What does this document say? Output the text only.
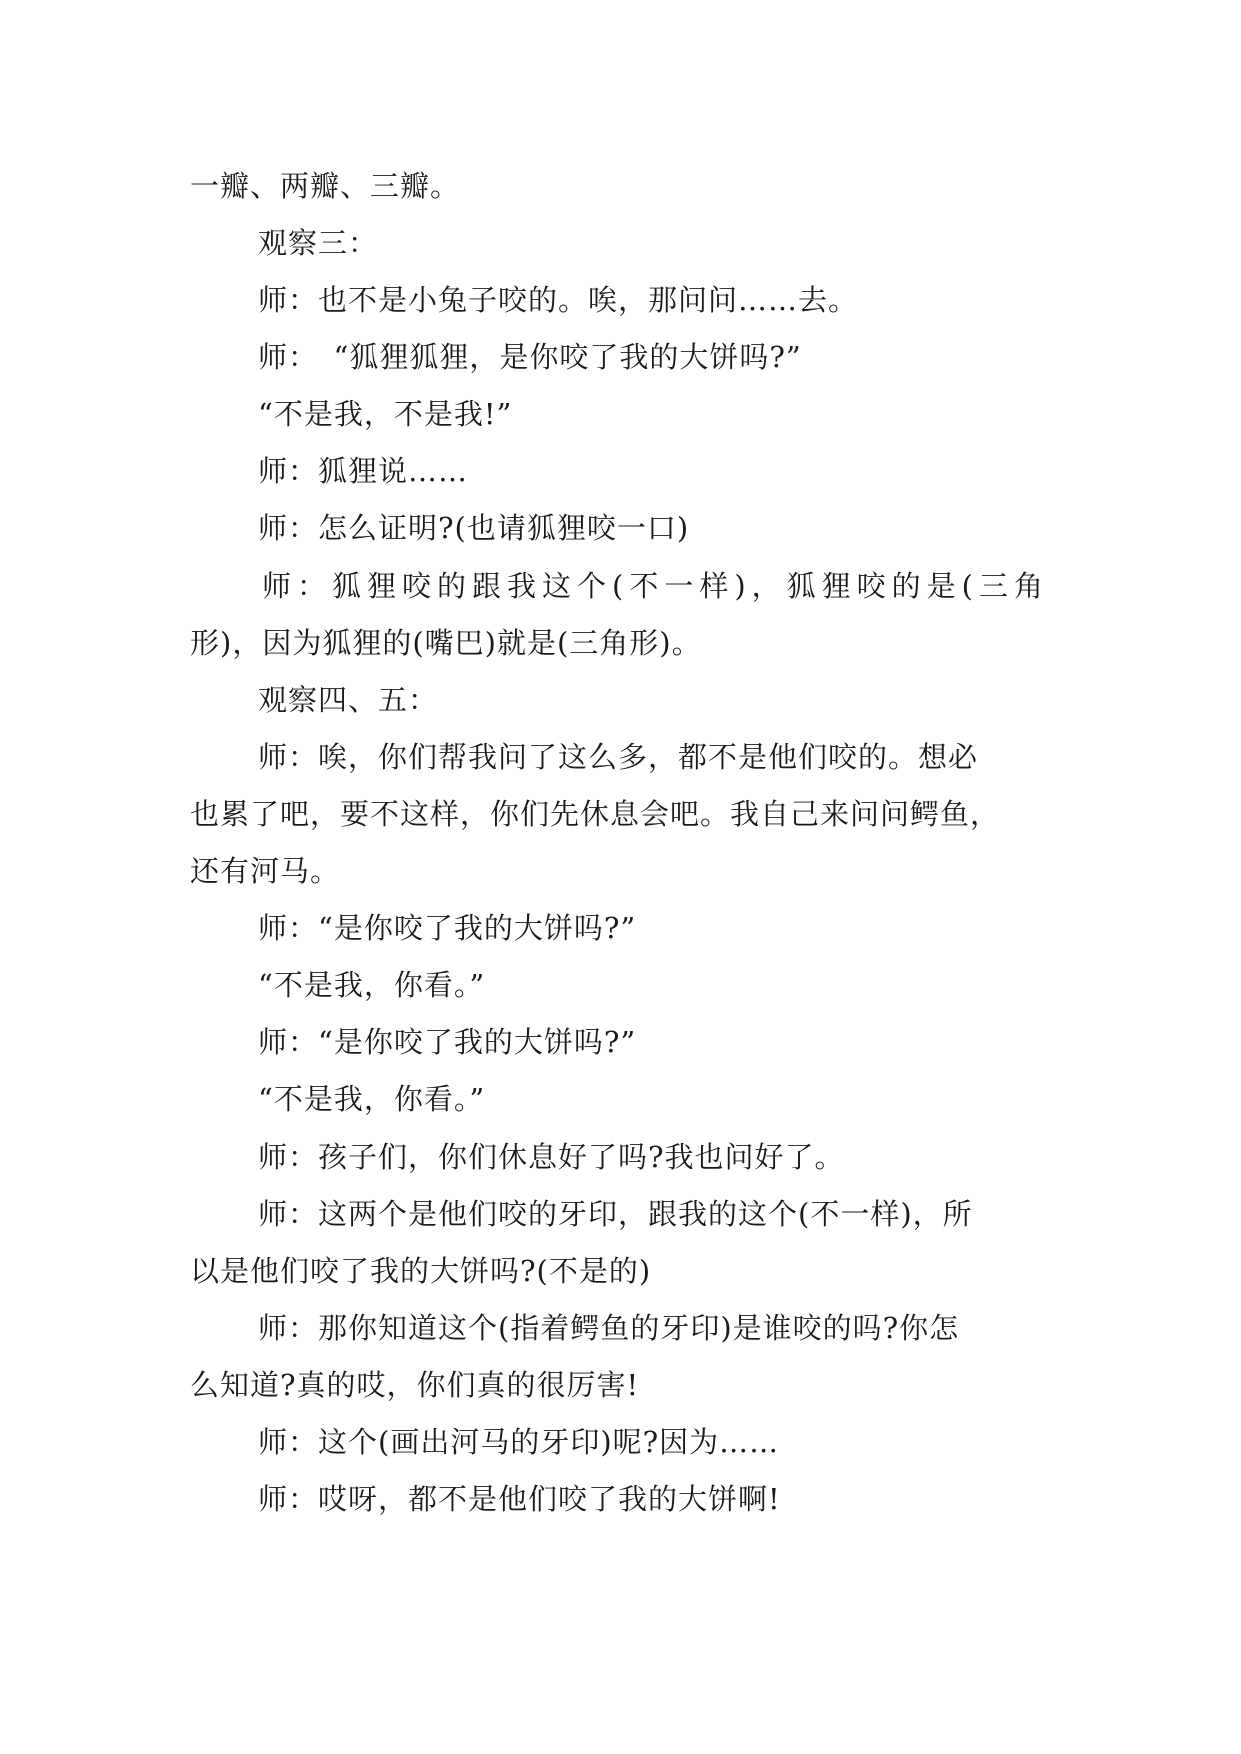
一瓣、两瓣、三瓣。
观察三：
师：也不是小兔子咬的。唉，那问问……去。
师：　“狐狸狐狸，是你咬了我的大饼吗?”
“不是我，不是我!”
师：狐狸说……
师：怎么证明?(也请狐狸咬一口)
师：狐狸咬的跟我这个(不一样)，狐狸咬的是(三角
形)，因为狐狸的(嘴巴)就是(三角形)。
观察四、五：
师：唉，你们帮我问了这么多，都不是他们咬的。想必
也累了吧，要不这样，你们先休息会吧。我自己来问问鳄鱼，
还有河马。
师：“是你咬了我的大饼吗?”
“不是我，你看。”
师：“是你咬了我的大饼吗?”
“不是我，你看。”
师：孩子们，你们休息好了吗?我也问好了。
师：这两个是他们咬的牙印，跟我的这个(不一样)，所
以是他们咬了我的大饼吗?(不是的)
师：那你知道这个(指着鳄鱼的牙印)是谁咬的吗?你怎
么知道?真的哎，你们真的很厉害!
师：这个(画出河马的牙印)呢?因为……
师：哎呀，都不是他们咬了我的大饼啊!
